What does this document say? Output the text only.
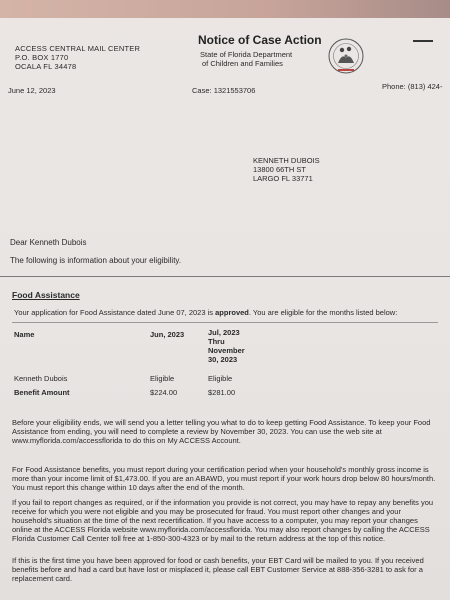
ACCESS CENTRAL MAIL CENTER
P.O. BOX 1770
OCALA FL 34478
Notice of Case Action
State of Florida Department
of Children and Families
June 12, 2023	Case: 1321553706	Phone: (813) 424-
KENNETH DUBOIS
13800 66TH ST
LARGO FL 33771
Dear Kenneth Dubois
The following is information about your eligibility.
Food Assistance
Your application for Food Assistance dated June 07, 2023 is approved. You are eligible for the months listed below:
Name	Jun, 2023	Jul, 2023
Thru
November
30, 2023
Kenneth Dubois	Eligible	Eligible
Benefit Amount	$224.00	$281.00
Before your eligibility ends, we will send you a letter telling you what to do to keep getting Food Assistance. To keep your Food Assistance from ending, you will need to complete a review by November 30, 2023. You can use the web site at www.myflorida.com/accessflorida to do this on My ACCESS Account.
For Food Assistance benefits, you must report during your certification period when your household's monthly gross income is more than your income limit of $1,473.00. If you are an ABAWD, you must report if your work hours drop below 80 hours/month. You must report this change within 10 days after the end of the month.
If you fail to report changes as required, or if the information you provide is not correct, you may have to repay any benefits you receive for which you were not eligible and you may be prosecuted for fraud. You must report other changes and your household's situation at the time of the next recertification. If you have access to a computer, you may report your changes online at the ACCESS Florida website www.myflorida.com/accessflorida. You may also report changes by calling the ACCESS Florida Customer Call Center toll free at 1-850-300-4323 or by mail to the return address at the top of this notice.
If this is the first time you have been approved for food or cash benefits, your EBT Card will be mailed to you. If you received benefits before and had a card but have lost or misplaced it, please call EBT Customer Service at 888-356-3281 to ask for a replacement card.
